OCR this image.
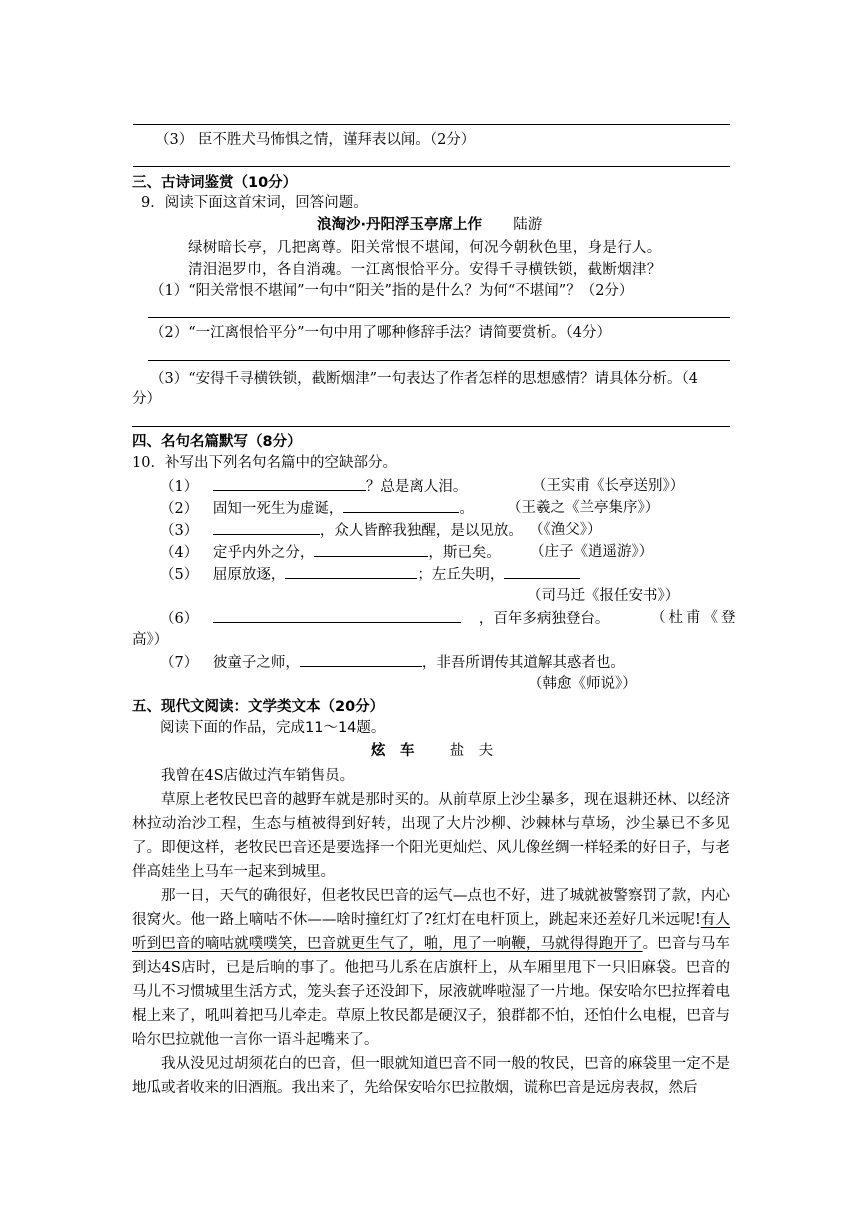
（3） 臣不胜犬马怖惧之情，谨拜表以闻。（2分）
三、古诗词鉴赏（10分）
9．阅读下面这首宋词，回答问题。
浪淘沙·丹阳浮玉亭席上作 陆游
绿树暗长亭，几把离尊。阳关常恨不堪闻，何况今朝秋色里，身是行人。
清泪浥罗巾，各自消魂。一江离恨恰平分。安得千寻横铁锁，截断烟津？
（1）“阳关常恨不堪闻”一句中“阳关”指的是什么？为何“不堪闻”？（2分）
（2）“一江离恨恰平分”一句中用了哪种修辞手法？请简要赏析。（4分）
（3）“安得千寻横铁锁，截断烟津”一句表达了作者怎样的思想感情？请具体分析。（4
分）
四、名句名篇默写（8分）
10．补写出下列名句名篇中的空缺部分。
（1）	？总是离人泪。	（王实甫《长亭送别》）
（2） 固知一死生为虚诞，	。 （王羲之《兰亭集序》）
（3）	，众人皆醉我独醒，是以见放。 （《渔父》）
（4） 定乎内外之分，	，斯已矣。 （庄子《逍遥游》）
（5） 屈原放逐，	；左丘失明，
（司马迁《报任安书》）
（6）	，百年多病独登台。	（杜甫《登
高》）
（7） 彼童子之师，	，非吾所谓传其道解其惑者也。
（韩愈《师说》）
五、现代文阅读：文学类文本（20分）
阅读下面的作品，完成11～14题。
炫　车 盐　夫
我曾在4S店做过汽车销售员。
草原上老牧民巴音的越野车就是那时买的。从前草原上沙尘暴多，现在退耕还林、以经济林拉动治沙工程，生态与植被得到好转，出现了大片沙柳、沙棘林与草场，沙尘暴已不多见了。即便这样，老牧民巴音还是要选择一个阳光更灿烂、风儿像丝绸一样轻柔的好日子，与老伴高娃坐上马车一起来到城里。
那一日，天气的确很好，但老牧民巴音的运气—点也不好，进了城就被警察罚了款，内心很窝火。他一路上嘀咕不休——啥时撞红灯了?红灯在电杆顶上，跳起来还差好几米远呢!有人听到巴音的嘀咕就噗噗笑，巴音就更生气了，啪，甩了一响鞭，马就得得跑开了。巴音与马车到达4S店时，已是后晌的事了。他把马儿系在店旗杆上，从车厢里甩下一只旧麻袋。巴音的马儿不习惯城里生活方式，笼头套子还没卸下，尿液就哗啦湿了一片地。保安哈尔巴拉挥着电棍上来了，吼叫着把马儿牵走。草原上牧民都是硬汉子，狼群都不怕，还怕什么电棍，巴音与哈尔巴拉就他一言你一语斗起嘴来了。
我从没见过胡须花白的巴音，但一眼就知道巴音不同一般的牧民，巴音的麻袋里一定不是地瓜或者收来的旧酒瓶。我出来了，先给保安哈尔巴拉散烟，谎称巴音是远房表叔，然后
